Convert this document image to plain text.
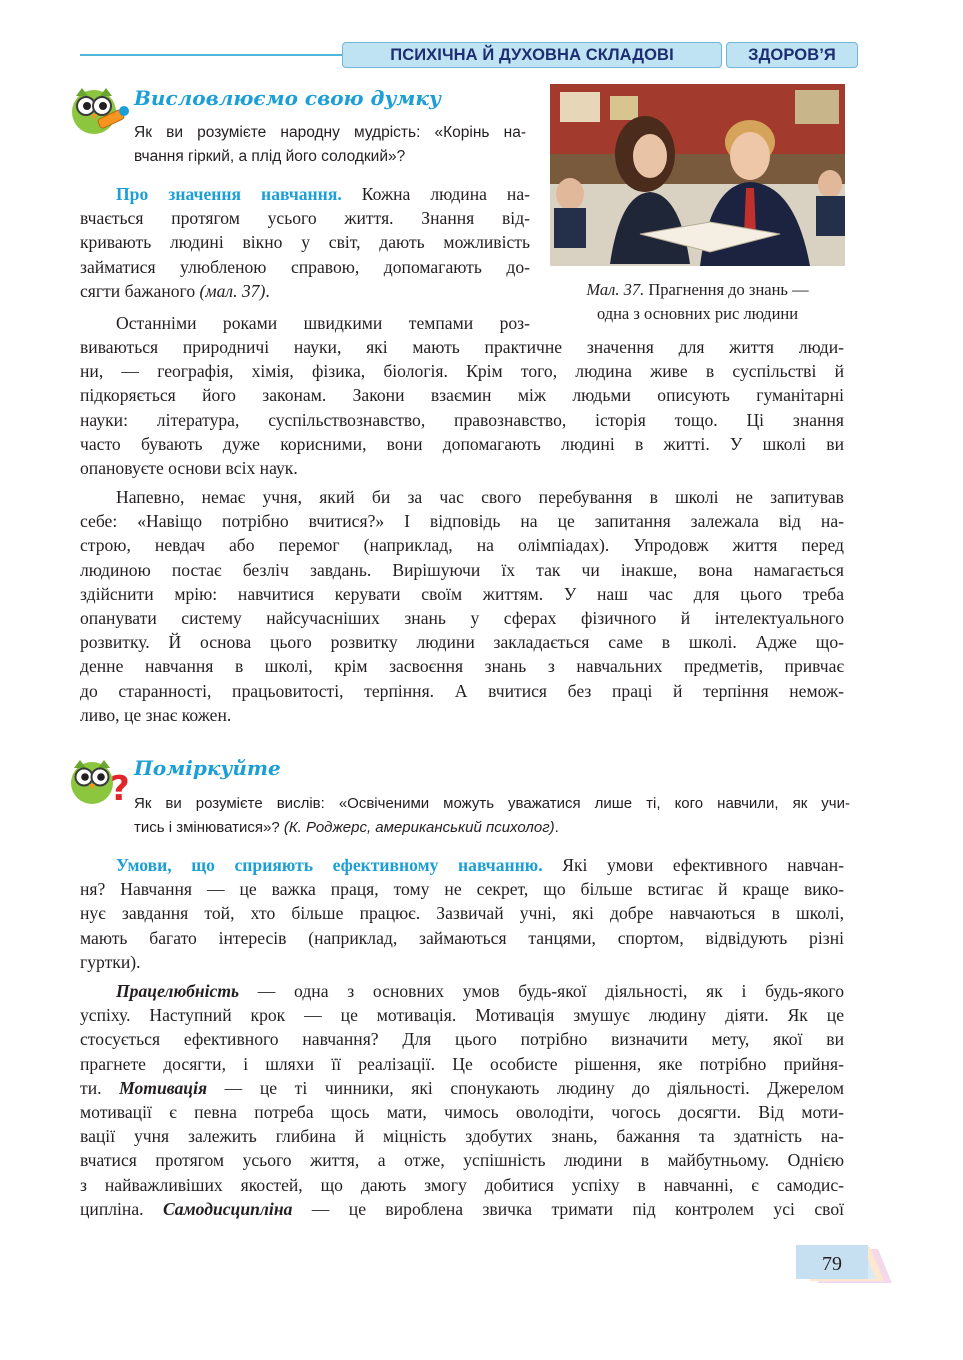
ПСИХІЧНА Й ДУХОВНА СКЛАДОВІ	ЗДОРОВ’Я
Висловлюємо свою думку
Як ви розумієте народну мудрість: «Корінь на-
вчання гіркий, а плід його солодкий»?
Мал. 37. Прагнення до знань —
одна з основних рис людини
Про значення навчання. Кожна людина на-
вчається протягом усього життя. Знання від-
кривають людині вікно у світ, дають можливість
займатися улюбленою справою, допомагають до-
сягти бажаного (мал. 37).
Останніми роками швидкими темпами роз-
виваються природничі науки, які мають практичне значення для життя люди-
ни, — географія, хімія, фізика, біологія. Крім того, людина живе в суспільстві й
підкоряється його законам. Закони взаємин між людьми описують гуманітарні
науки: література, суспільствознавство, правознавство, історія тощо. Ці знання
часто бувають дуже корисними, вони допомагають людині в житті. У школі ви
опановуєте основи всіх наук.
Напевно, немає учня, який би за час свого перебування в школі не запитував
себе: «Навіщо потрібно вчитися?» І відповідь на це запитання залежала від на-
строю, невдач або перемог (наприклад, на олімпіадах). Упродовж життя перед
людиною постає безліч завдань. Вирішуючи їх так чи інакше, вона намагається
здійснити мрію: навчитися керувати своїм життям. У наш час для цього треба
опанувати систему найсучасніших знань у сферах фізичного й інтелектуального
розвитку. Й основа цього розвитку людини закладається саме в школі. Адже що-
денне навчання в школі, крім засвоєння знань з навчальних предметів, привчає
до старанності, працьовитості, терпіння. А вчитися без праці й терпіння немож-
ливо, це знає кожен.
?
Поміркуйте
Як ви розумієте вислів: «Освіченими можуть уважатися лише ті, кого навчили, як учи-
тись і змінюватися»? (К. Роджерс, американський психолог).
Умови, що сприяють ефективному навчанню. Які умови ефективного навчан-
ня? Навчання — це важка праця, тому не секрет, що більше встигає й краще вико-
нує завдання той, хто більше працює. Зазвичай учні, які добре навчаються в школі,
мають багато інтересів (наприклад, займаються танцями, спортом, відвідують різні
гуртки).
Працелюбність — одна з основних умов будь-якої діяльності, як і будь-якого
успіху. Наступний крок — це мотивація. Мотивація змушує людину діяти. Як це
стосується ефективного навчання? Для цього потрібно визначити мету, якої ви
прагнете досягти, і шляхи її реалізації. Це особисте рішення, яке потрібно прийня-
ти. Мотивація — це ті чинники, які спонукають людину до діяльності. Джерелом
мотивації є певна потреба щось мати, чимось оволодіти, чогось досягти. Від моти-
вації учня залежить глибина й міцність здобутих знань, бажання та здатність на-
вчатися протягом усього життя, а отже, успішність людини в майбутньому. Однією
з найважливіших якостей, що дають змогу добитися успіху в навчанні, є самодис-
ципліна. Самодисципліна — це вироблена звичка тримати під контролем усі свої
79
